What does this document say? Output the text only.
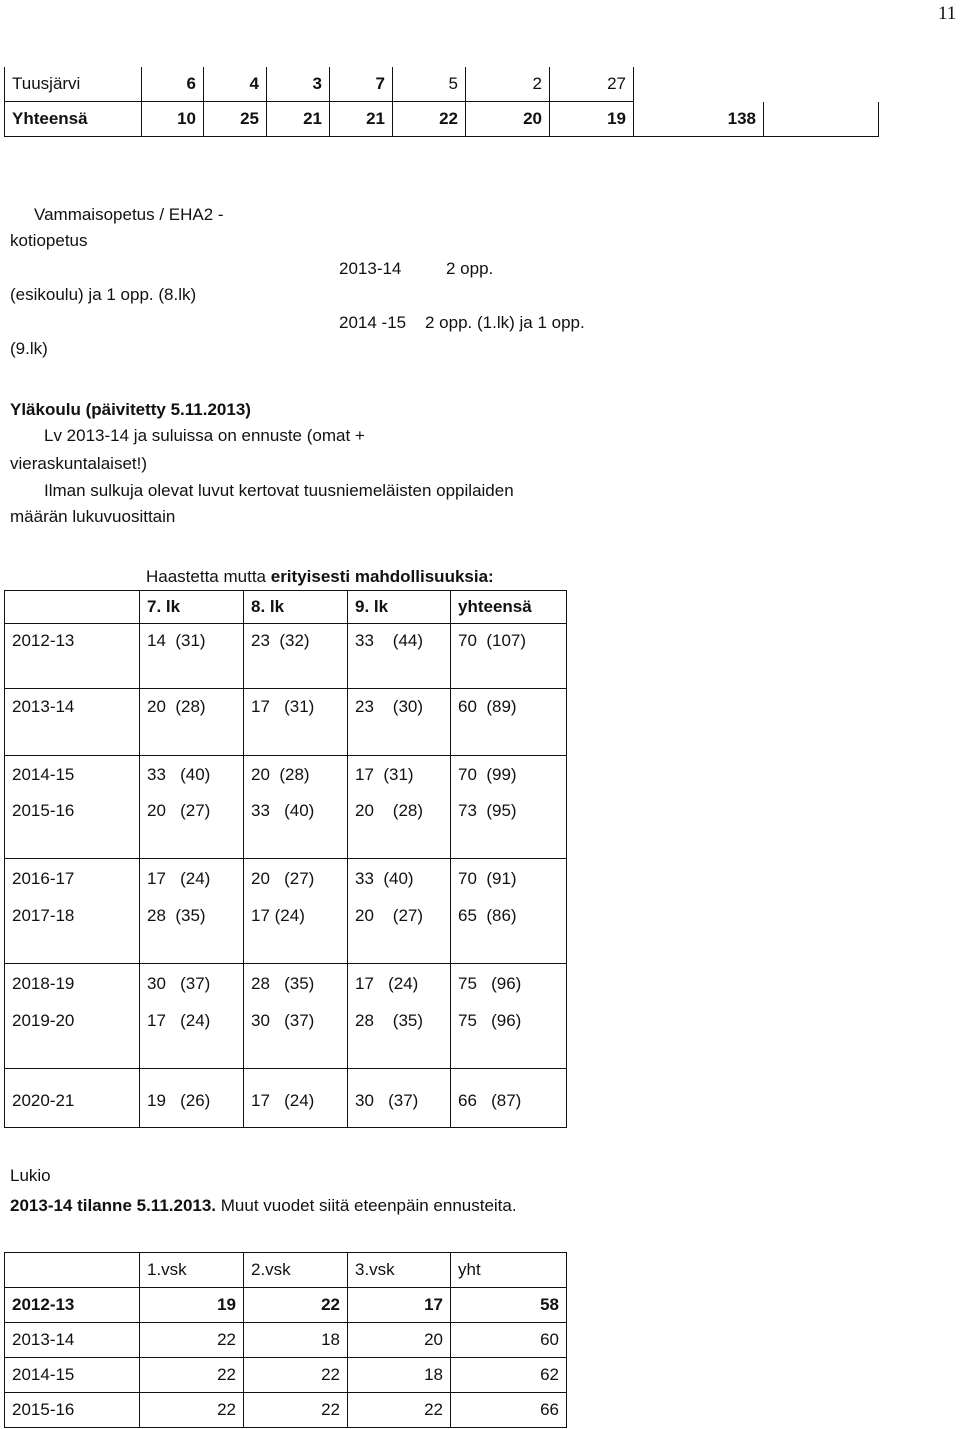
11
Tuusjärvi	6	4	3	7	5	2	27		
Yhteensä	10	25	21	21	22	20	19	138	
Vammaisopetus / EHA2 -
kotiopetus
2013-14	2 opp.
(esikoulu) ja 1 opp. (8.lk)
2014 -15 2 opp. (1.lk) ja 1 opp.
(9.lk)
Yläkoulu (päivitetty 5.11.2013)
Lv 2013-14 ja suluissa on ennuste (omat +
vieraskuntalaiset!)
Ilman sulkuja olevat luvut kertovat tuusniemeläisten oppilaiden
määrän lukuvuosittain
Haastetta mutta erityisesti mahdollisuuksia:
	7. lk	8. lk	9. lk	yhteensä
2012-13	14  (31)	23  (32)	33    (44)	70  (107)

2013-14	20  (28)	17   (31)	23    (30)	60  (89)

2014-15	33   (40)	20  (28)	17  (31)	70  (99)
2015-16	20   (27)	33   (40)	20    (28)	73  (95)

2016-17	17   (24)	20   (27)	33  (40)	70  (91)
2017-18	28  (35)	17 (24)	20    (27)	65  (86)

2018-19	30   (37)	28   (35)	17   (24)	75   (96)
2019-20	17   (24)	30   (37)	28    (35)	75   (96)

2020-21	19   (26)	17   (24)	30   (37)	66   (87)
Lukio
2013-14 tilanne 5.11.2013. Muut vuodet siitä eteenpäin ennusteita.
	1.vsk	2.vsk	3.vsk	yht
2012-13	19	22	17	58
2013-14	22	18	20	60
2014-15	22	22	18	62
2015-16	22	22	22	66
